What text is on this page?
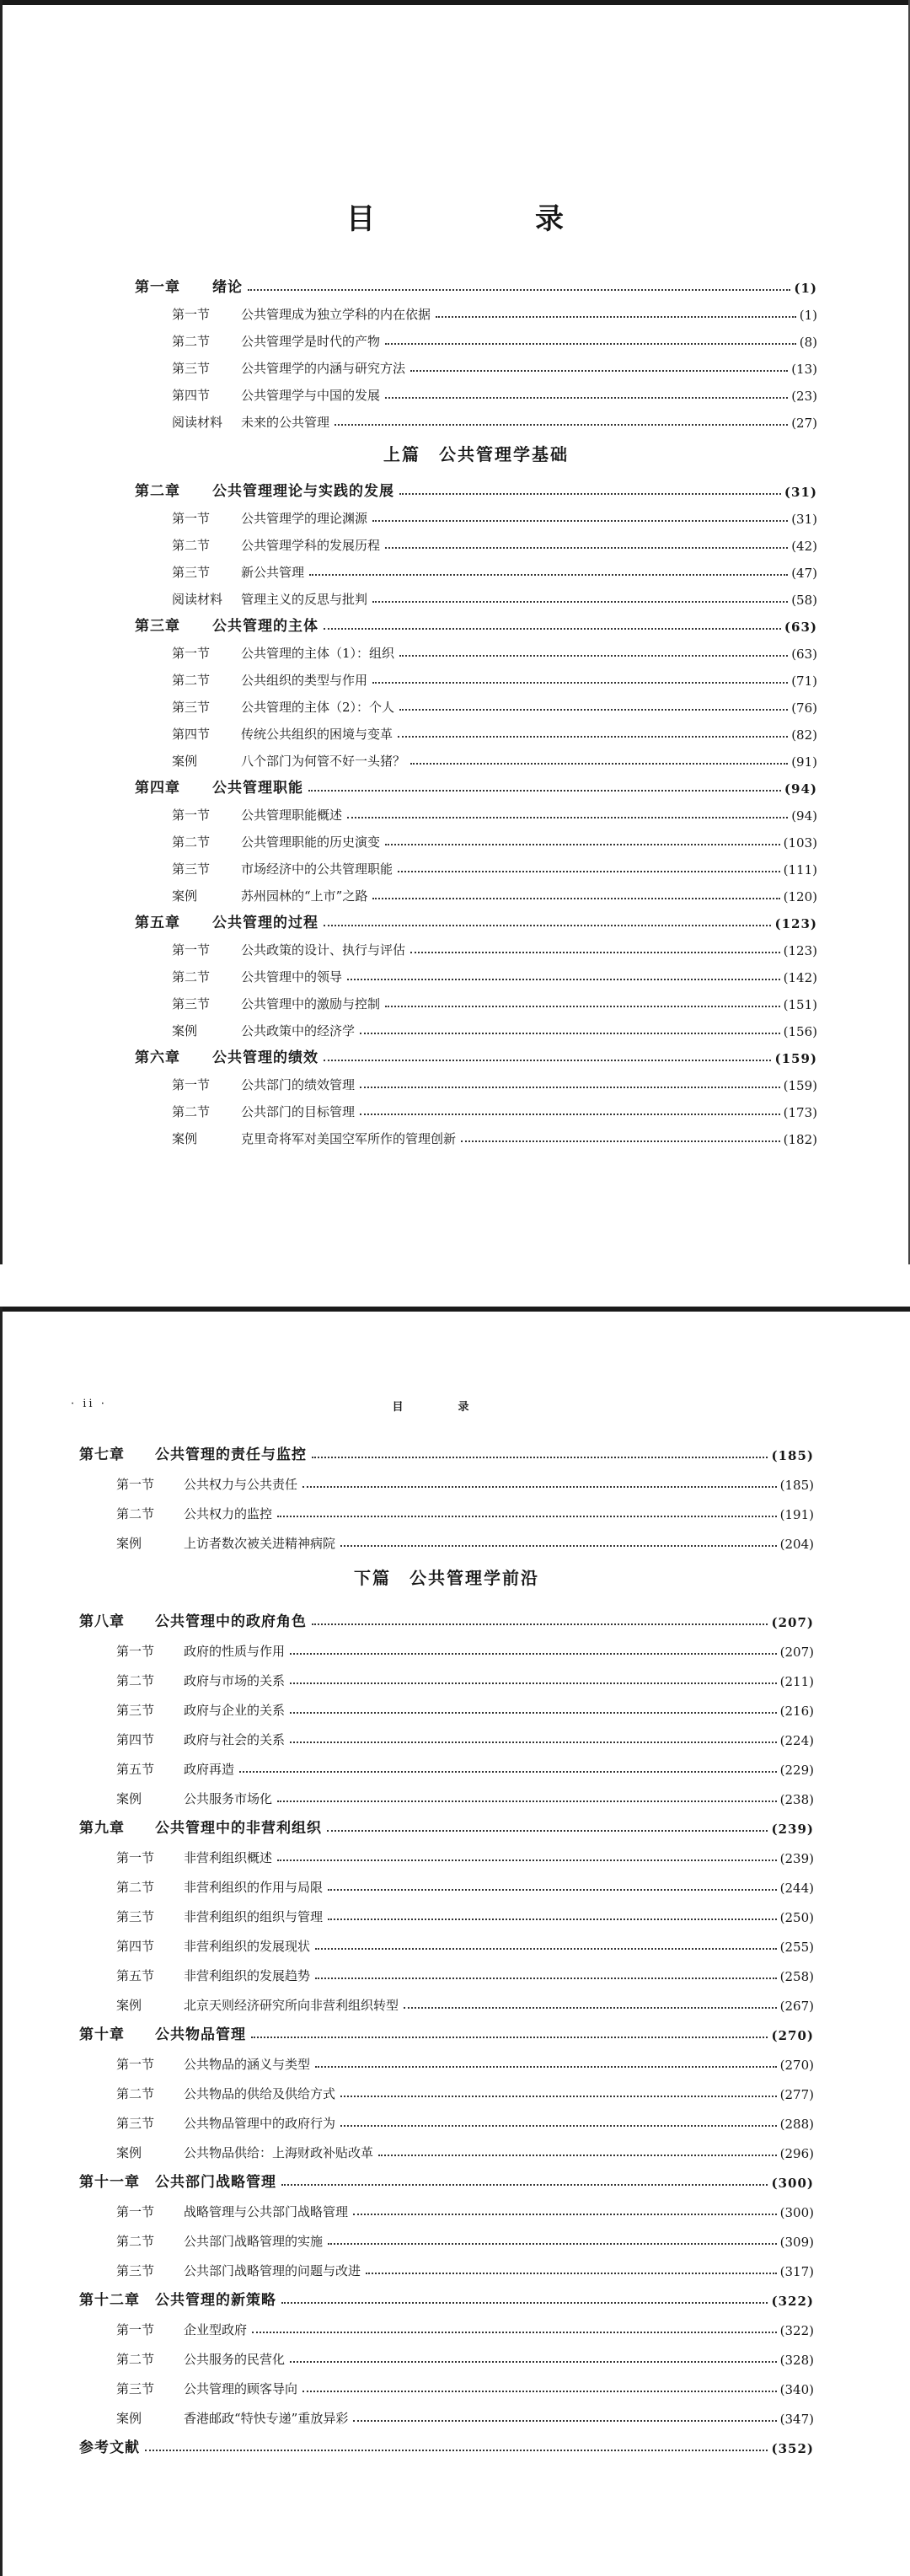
目　录
第一章 绪论	(1)
第一节 公共管理成为独立学科的内在依据	(1)
第二节 公共管理学是时代的产物	(8)
第三节 公共管理学的内涵与研究方法	(13)
第四节 公共管理学与中国的发展	(23)
阅读材料 未来的公共管理	(27)
上篇　公共管理学基础
第二章 公共管理理论与实践的发展	(31)
第一节 公共管理学的理论渊源	(31)
第二节 公共管理学科的发展历程	(42)
第三节 新公共管理	(47)
阅读材料 管理主义的反思与批判	(58)
第三章 公共管理的主体	(63)
第一节 公共管理的主体（1）：组织	(63)
第二节 公共组织的类型与作用	(71)
第三节 公共管理的主体（2）：个人	(76)
第四节 传统公共组织的困境与变革	(82)
案例	八个部门为何管不好一头猪？	(91)
第四章 公共管理职能	(94)
第一节 公共管理职能概述	(94)
第二节 公共管理职能的历史演变	(103)
第三节 市场经济中的公共管理职能	(111)
案例	苏州园林的“上市”之路	(120)
第五章 公共管理的过程	(123)
第一节 公共政策的设计、执行与评估	(123)
第二节 公共管理中的领导	(142)
第三节 公共管理中的激励与控制	(151)
案例	公共政策中的经济学	(156)
第六章 公共管理的绩效	(159)
第一节 公共部门的绩效管理	(159)
第二节 公共部门的目标管理	(173)
案例	克里奇将军对美国空军所作的管理创新	(182)
· ii ·	目　录
第七章 公共管理的责任与监控	(185)
第一节 公共权力与公共责任	(185)
第二节 公共权力的监控	(191)
案例	上访者数次被关进精神病院	(204)
下篇　公共管理学前沿
第八章 公共管理中的政府角色	(207)
第一节 政府的性质与作用	(207)
第二节 政府与市场的关系	(211)
第三节 政府与企业的关系	(216)
第四节 政府与社会的关系	(224)
第五节 政府再造	(229)
案例	公共服务市场化	(238)
第九章 公共管理中的非营利组织	(239)
第一节 非营利组织概述	(239)
第二节 非营利组织的作用与局限	(244)
第三节 非营利组织的组织与管理	(250)
第四节 非营利组织的发展现状	(255)
第五节 非营利组织的发展趋势	(258)
案例	北京天则经济研究所向非营利组织转型	(267)
第十章 公共物品管理	(270)
第一节 公共物品的涵义与类型	(270)
第二节 公共物品的供给及供给方式	(277)
第三节 公共物品管理中的政府行为	(288)
案例	公共物品供给：上海财政补贴改革	(296)
第十一章 公共部门战略管理	(300)
第一节 战略管理与公共部门战略管理	(300)
第二节 公共部门战略管理的实施	(309)
第三节 公共部门战略管理的问题与改进	(317)
第十二章 公共管理的新策略	(322)
第一节 企业型政府	(322)
第二节 公共服务的民营化	(328)
第三节 公共管理的顾客导向	(340)
案例	香港邮政“特快专递”重放异彩	(347)
参考文献	(352)
